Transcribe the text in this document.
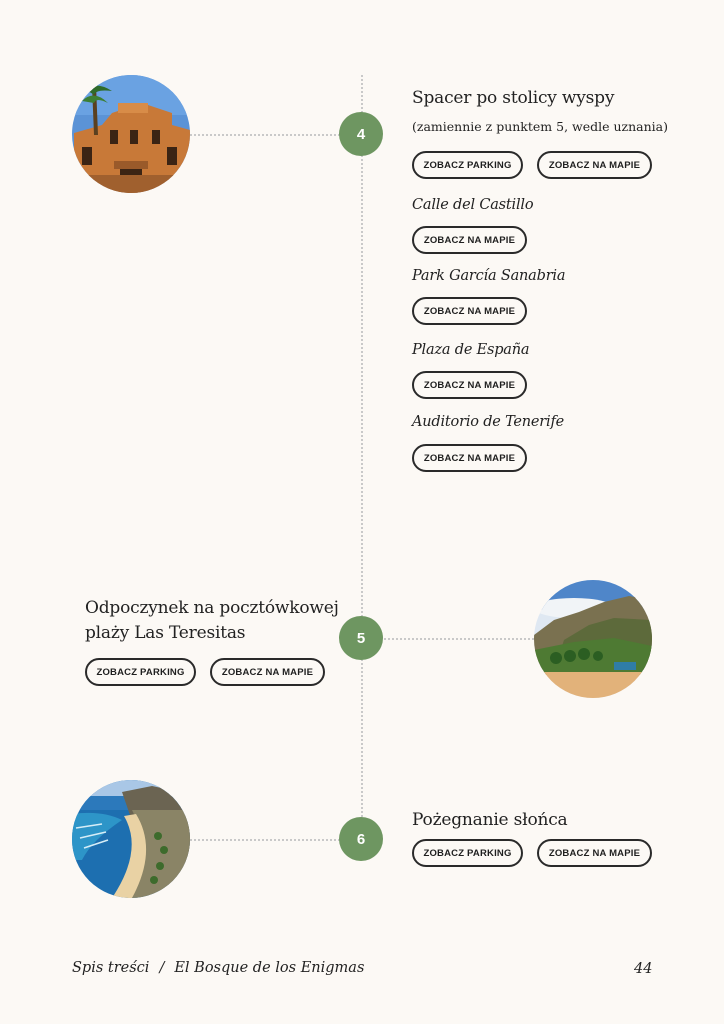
4
Spacer po stolicy wyspy
(zamiennie z punktem 5, wedle uznania)
ZOBACZ PARKING	ZOBACZ NA MAPIE
Calle del Castillo
ZOBACZ NA MAPIE
Park García Sanabria
ZOBACZ NA MAPIE
Plaza de España
ZOBACZ NA MAPIE
Auditorio de Tenerife
ZOBACZ NA MAPIE
Odpoczynek na pocztówkowej
plaży Las Teresitas
ZOBACZ PARKING	ZOBACZ NA MAPIE
5
6
Pożegnanie słońca
ZOBACZ PARKING	ZOBACZ NA MAPIE
Spis treści / El Bosque de los Enigmas	44
